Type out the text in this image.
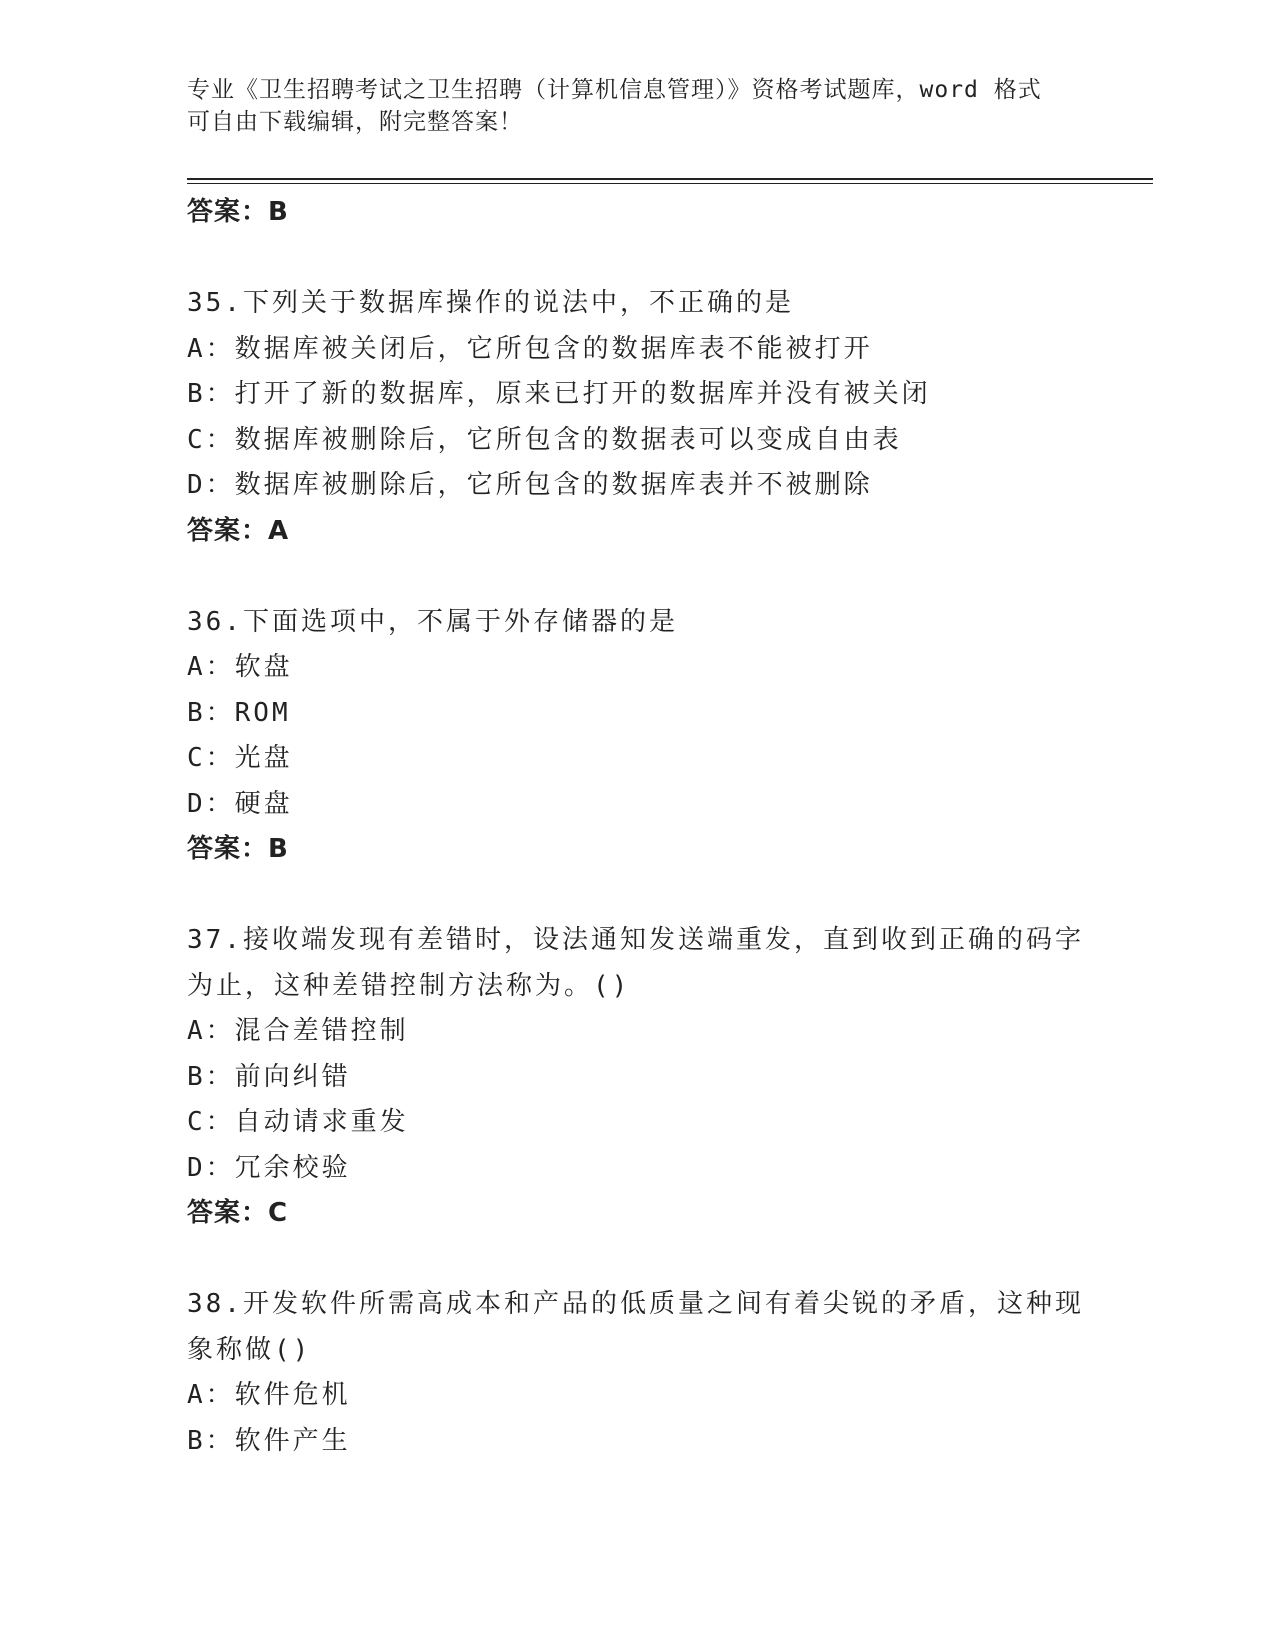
专业《卫生招聘考试之卫生招聘（计算机信息管理）》资格考试题库，word 格式
可自由下载编辑，附完整答案！
答案：B
35.下列关于数据库操作的说法中，不正确的是
A：数据库被关闭后，它所包含的数据库表不能被打开
B：打开了新的数据库，原来已打开的数据库并没有被关闭
C：数据库被删除后，它所包含的数据表可以变成自由表
D：数据库被删除后，它所包含的数据库表并不被删除
答案：A
36.下面选项中，不属于外存储器的是
A：软盘
B：ROM
C：光盘
D：硬盘
答案：B
37.接收端发现有差错时，设法通知发送端重发，直到收到正确的码字
为止，这种差错控制方法称为。()
A：混合差错控制
B：前向纠错
C：自动请求重发
D：冗余校验
答案：C
38.开发软件所需高成本和产品的低质量之间有着尖锐的矛盾，这种现
象称做()
A：软件危机
B：软件产生
